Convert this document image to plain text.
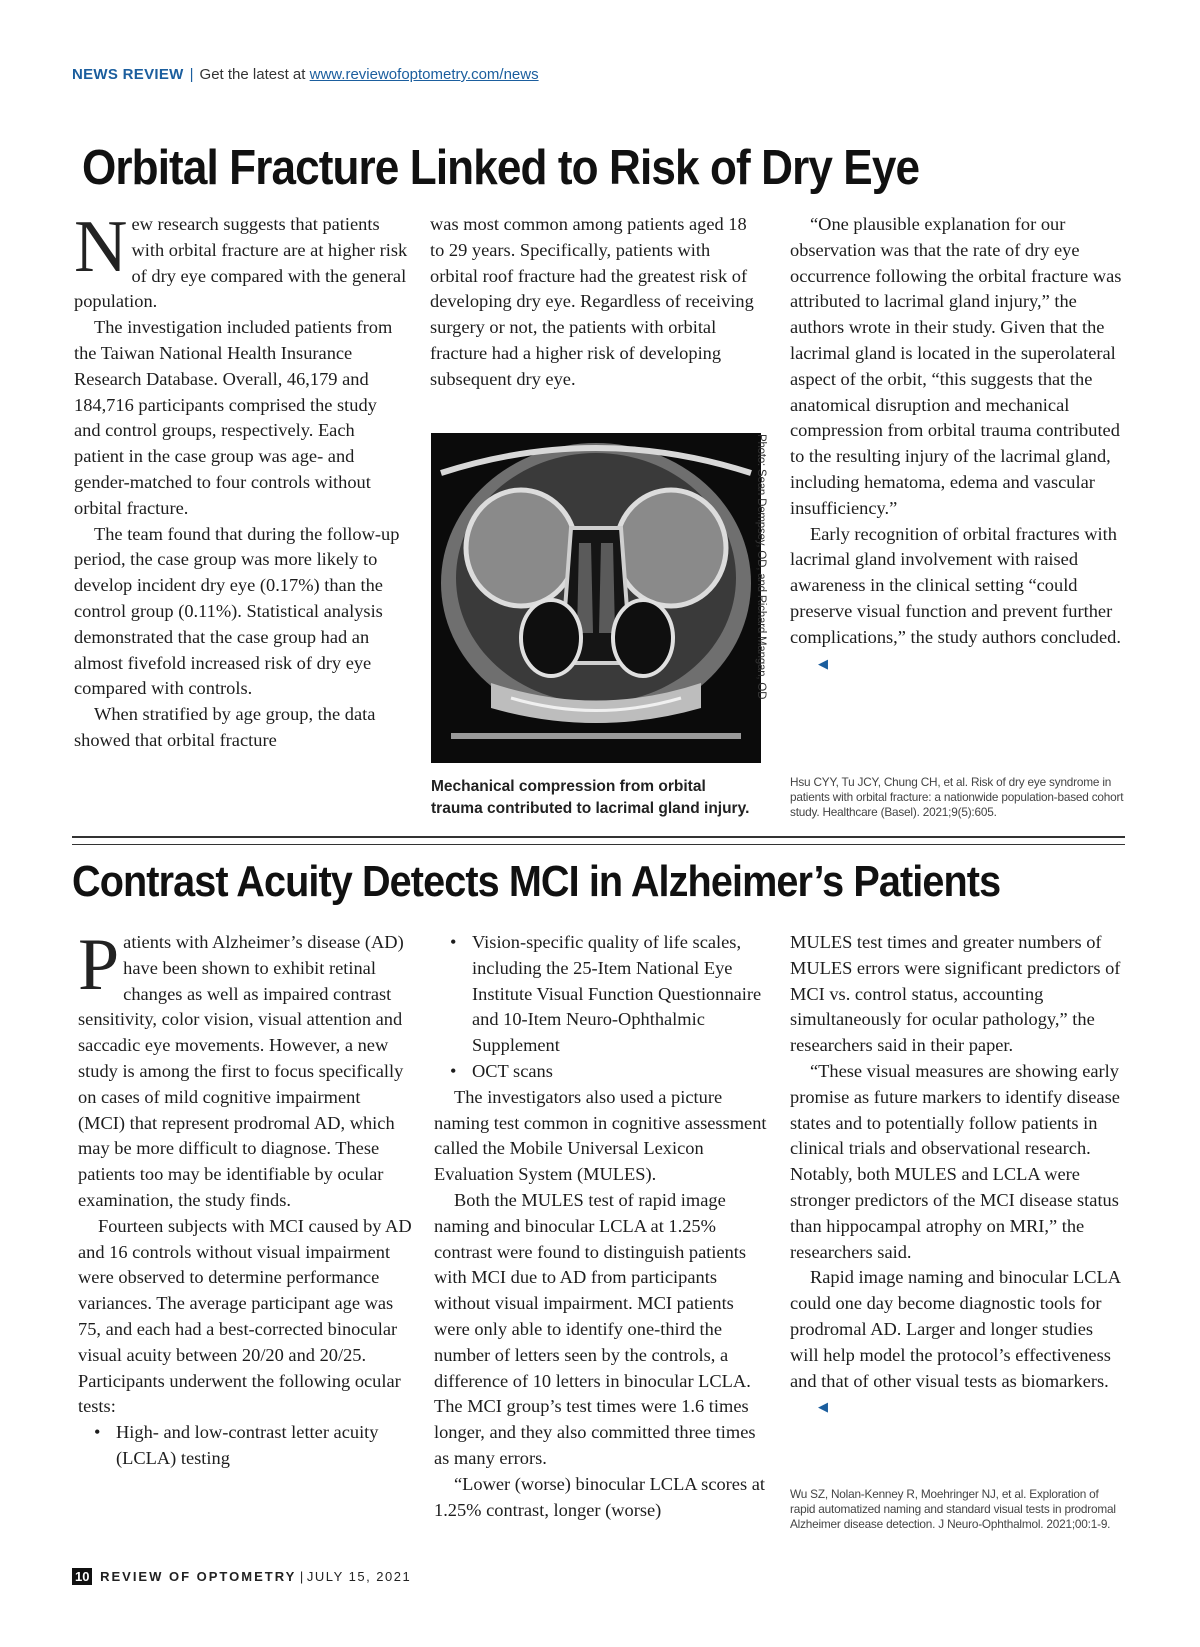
NEWS REVIEW | Get the latest at www.reviewofoptometry.com/news
Orbital Fracture Linked to Risk of Dry Eye

New research suggests that patients with orbital fracture are at higher risk of dry eye compared with the general population.

The investigation included patients from the Taiwan National Health Insurance Research Database. Overall, 46,179 and 184,716 participants comprised the study and control groups, respectively. Each patient in the case group was age- and gender-matched to four controls without orbital fracture.

The team found that during the follow-up period, the case group was more likely to develop incident dry eye (0.17%) than the control group (0.11%). Statistical analysis demonstrated that the case group had an almost fivefold increased risk of dry eye compared with controls.

When stratified by age group, the data showed that orbital fracture

was most common among patients aged 18 to 29 years. Specifically, patients with orbital roof fracture had the greatest risk of developing dry eye. Regardless of receiving surgery or not, the patients with orbital fracture had a higher risk of developing subsequent dry eye.

Photo: Sean Dempsey, OD, and Richard Mangan, OD

Mechanical compression from orbital trauma contributed to lacrimal gland injury.

“One plausible explanation for our observation was that the rate of dry eye occurrence following the orbital fracture was attributed to lacrimal gland injury,” the authors wrote in their study. Given that the lacrimal gland is located in the superolateral aspect of the orbit, “this suggests that the anatomical disruption and mechanical compression from orbital trauma contributed to the resulting injury of the lacrimal gland, including hematoma, edema and vascular insufficiency.”

Early recognition of orbital fractures with lacrimal gland involvement with raised awareness in the clinical setting “could preserve visual function and prevent further complications,” the study authors concluded.◀

Hsu CYY, Tu JCY, Chung CH, et al. Risk of dry eye syndrome in patients with orbital fracture: a nationwide population-based cohort study. Healthcare (Basel). 2021;9(5):605.

Contrast Acuity Detects MCI in Alzheimer’s Patients

Patients with Alzheimer’s disease (AD) have been shown to exhibit retinal changes as well as impaired contrast sensitivity, color vision, visual attention and saccadic eye movements. However, a new study is among the first to focus specifically on cases of mild cognitive impairment (MCI) that represent prodromal AD, which may be more difficult to diagnose. These patients too may be identifiable by ocular examination, the study finds.

Fourteen subjects with MCI caused by AD and 16 controls without visual impairment were observed to determine performance variances. The average participant age was 75, and each had a best-corrected binocular visual acuity between 20/20 and 20/25. Participants underwent the following ocular tests:

• High- and low-contrast letter acuity (LCLA) testing
• Vision-specific quality of life scales, including the 25-Item National Eye Institute Visual Function Questionnaire and 10-Item Neuro-Ophthalmic Supplement
• OCT scans

The investigators also used a picture naming test common in cognitive assessment called the Mobile Universal Lexicon Evaluation System (MULES).

Both the MULES test of rapid image naming and binocular LCLA at 1.25% contrast were found to distinguish patients with MCI due to AD from participants without visual impairment. MCI patients were only able to identify one-third the number of letters seen by the controls, a difference of 10 letters in binocular LCLA. The MCI group’s test times were 1.6 times longer, and they also committed three times as many errors.

“Lower (worse) binocular LCLA scores at 1.25% contrast, longer (worse)

MULES test times and greater numbers of MULES errors were significant predictors of MCI vs. control status, accounting simultaneously for ocular pathology,” the researchers said in their paper.

“These visual measures are showing early promise as future markers to identify disease states and to potentially follow patients in clinical trials and observational research. Notably, both MULES and LCLA were stronger predictors of the MCI disease status than hippocampal atrophy on MRI,” the researchers said.

Rapid image naming and binocular LCLA could one day become diagnostic tools for prodromal AD. Larger and longer studies will help model the protocol’s effectiveness and that of other visual tests as biomarkers.◀

Wu SZ, Nolan-Kenney R, Moehringer NJ, et al. Exploration of rapid automatized naming and standard visual tests in prodromal Alzheimer disease detection. J Neuro-Ophthalmol. 2021;00:1-9.

10 REVIEW OF OPTOMETRY | JULY 15, 2021
